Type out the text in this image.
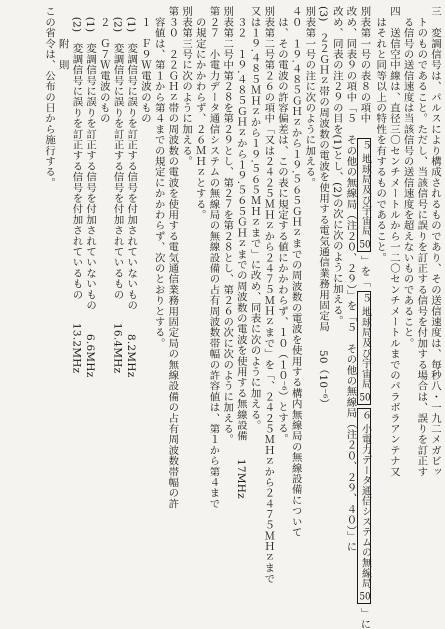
三　変調信号は、パルスにより構成されるものであり、その送信速度は、毎秒八・一九二メガビッ
　トのものであること。ただし、当該信号に誤りを訂正する信号を付加する場合は、誤りを訂正す
　る信号の送信速度は当該信号の送信速度を超えないものであること。
四　送信空中線は、直径三〇センチメートルから一二〇センチメートルまでのパラボラアンテナ又
　はそれと同等以上の特性を有するものであること。
別表第一号の表８の項中　 ５ 地球局及び宇宙局 50 」を「 ５ 地球局及び宇宙局 50 ６ 小電力データ通信システムの無線局 50 」に
改め、同表９の項中「５　その他の無線局（注２０、２９）」を「５　その他の無線局（注２０、２９、４０）」に
改め、同表の注２９の目を(1)とし、(2)の次に次のように加える。
(3)　２２ＧＨｚ帯の周波数の電波を使用する電気通信業務用固定局 50（10⁻⁶）
別表第一号の注に次のように加える。
４０　１９.４８５ＧＨｚから１９.５６５ＧＨｚまでの周波数の電波を使用する構内無線局の無線設備について
　は、その電波の許容偏差は、この表に規定する値にかかわらず、１０（１０⁻⁶）とする。
別表第二号第２６の項中「又は２４２５ＭＨｚから２４７５ＭＨｚまで」を「、２４２５ＭＨｚから２４７５ＭＨｚまで
又は１９.４８５ＭＨｚから１９.５６５ＭＨｚまで」に改め、同表に次のように加える。
　３２　１９.４８５ＧＨｚから１９.５６５ＧＨｚまでの周波数の電波を使用する無線設備 17MHz
別表第二号中第２８を第２９とし、第２７を第２８とし、第２６の次に次のように加える。
第２７　小電力データ通信システムの無線局の無線設備の占有周波数帯幅の許容値は、第１から第４まで
　の規定にかかわらず、２６ＭＨｚとする。
別表第三号に次のように加える。
第３０　２２ＧＨｚ帯の周波数の電波を使用する電気通信業務用固定局の無線設備の占有周波数帯幅の許
　容値は、第１から第４までの規定にかかわらず、次のとおりとする。
　１　Ｆ９Ｗ電波のもの
　(1)　変調信号に誤りを訂正する信号を付加されていないもの 8.2MHz
　(2)　変調信号に誤りを訂正する信号を付加されているもの 16.4MHz
　２　Ｇ７Ｗ電波のもの
　(1)　変調信号に誤りを訂正する信号を付加されていないもの 6.6MHz
　(2)　変調信号に誤りを訂正する信号を付加されているもの 13.2MHz
　　　附　則
この省令は、公布の日から施行する。
